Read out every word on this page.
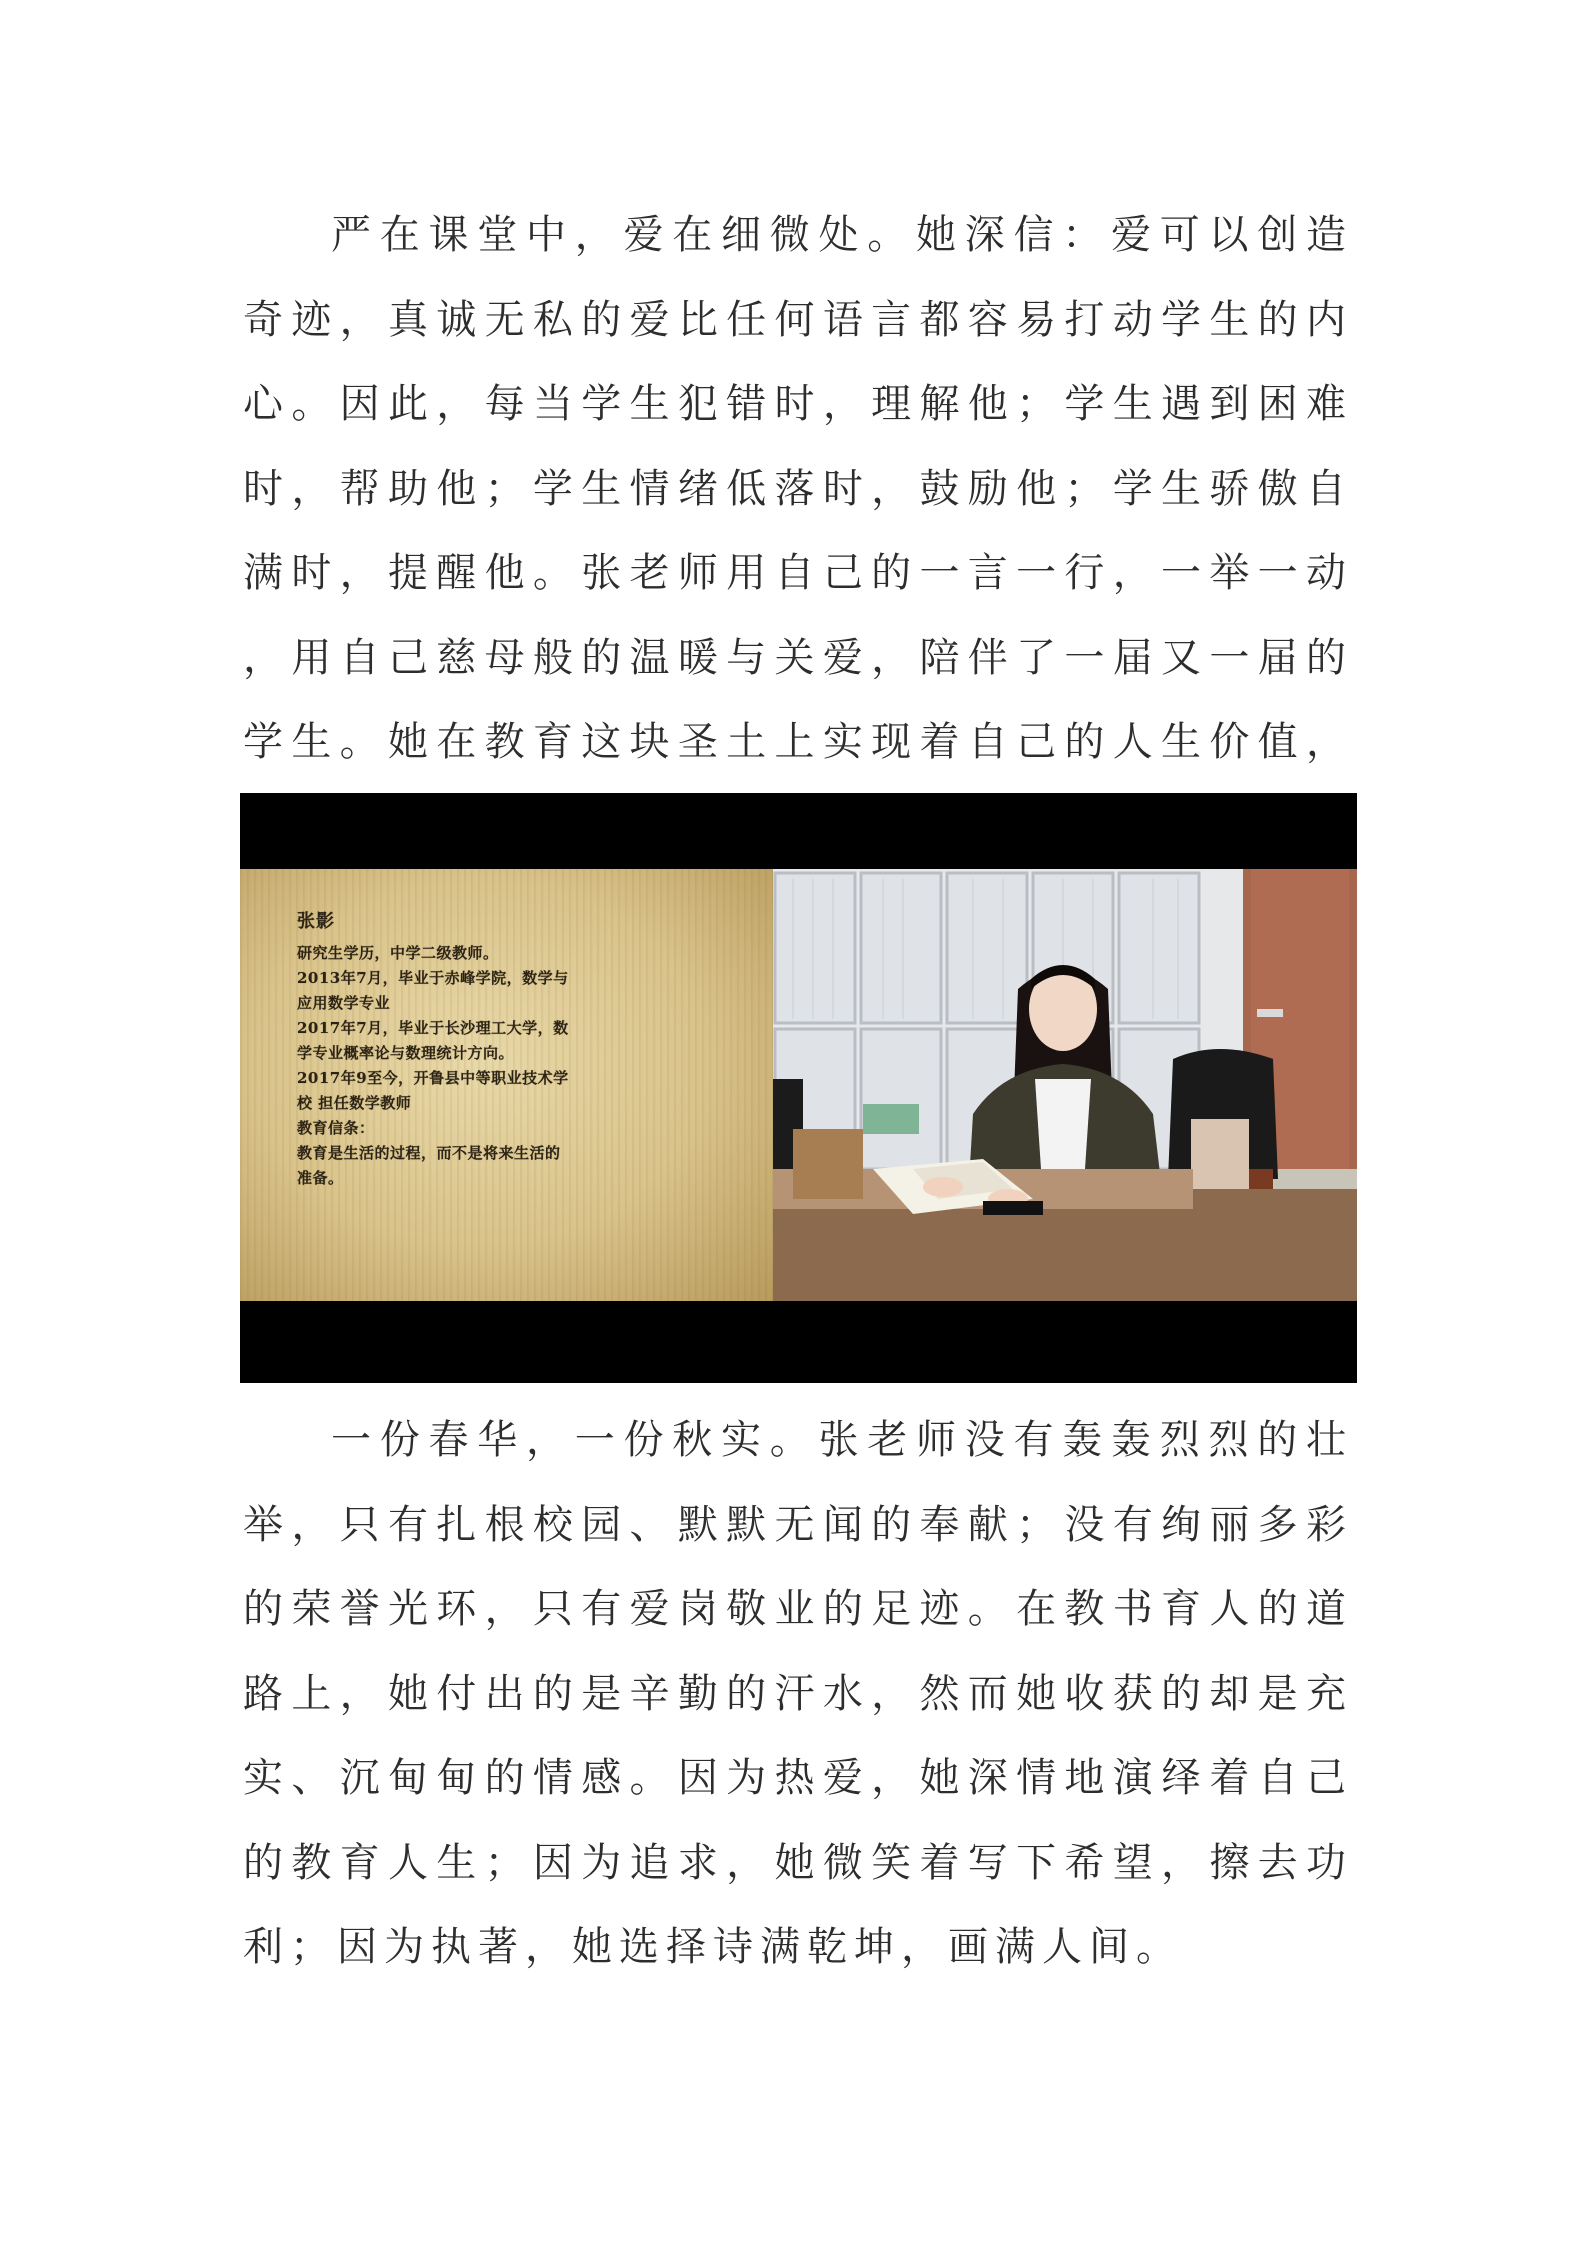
严在课堂中，爱在细微处。她深信：爱可以创造奇迹，真诚无私的爱比任何语言都容易打动学生的内心。因此，每当学生犯错时，理解他；学生遇到困难时，帮助他；学生情绪低落时，鼓励他；学生骄傲自满时，提醒他。张老师用自己的一言一行，一举一动，用自己慈母般的温暖与关爱，陪伴了一届又一届的学生。她在教育这块圣土上实现着自己的人生价值，

张影

研究生学历，中学二级教师。

2013年7月，毕业于赤峰学院，数学与

应用数学专业

2017年7月，毕业于长沙理工大学，数

学专业概率论与数理统计方向。

2017年9至今，开鲁县中等职业技术学

校 担任数学教师

教育信条：

教育是生活的过程，而不是将来生活的

准备。

一份春华，一份秋实。张老师没有轰轰烈烈的壮举，只有扎根校园、默默无闻的奉献；没有绚丽多彩的荣誉光环，只有爱岗敬业的足迹。在教书育人的道路上，她付出的是辛勤的汗水，然而她收获的却是充实、沉甸甸的情感。因为热爱，她深情地演绎着自己的教育人生；因为追求，她微笑着写下希望，擦去功利；因为执著，她选择诗满乾坤，画满人间。
